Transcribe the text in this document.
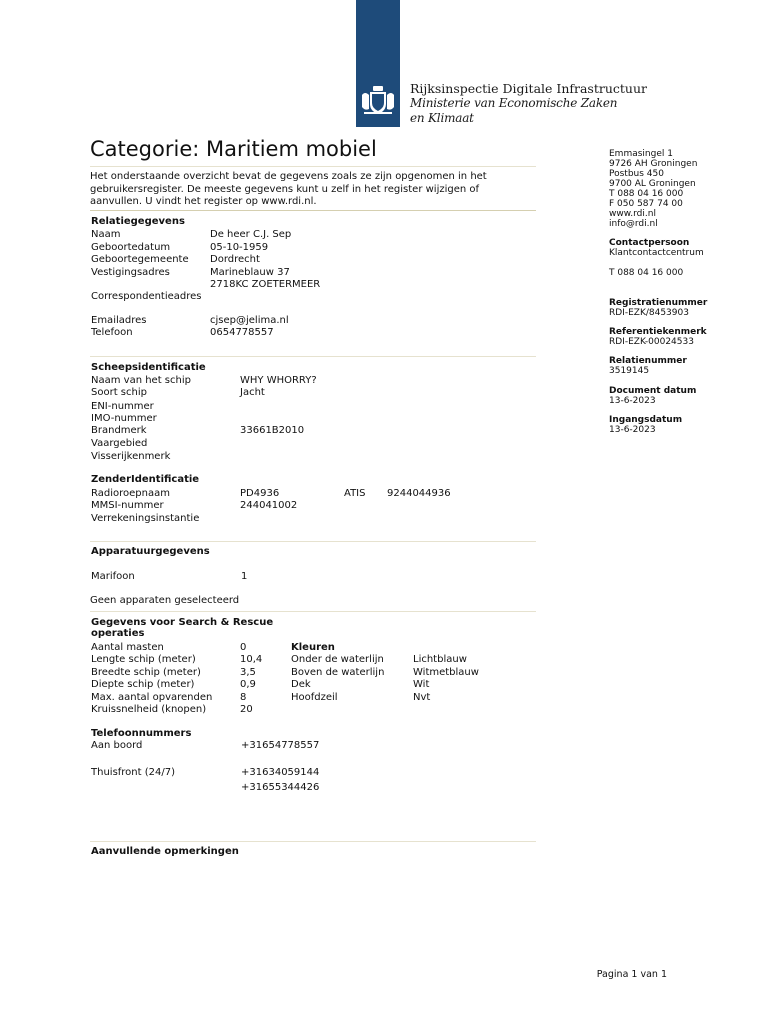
Rijksinspectie Digitale Infrastructuur
Ministerie van Economische Zaken
en Klimaat
Categorie: Maritiem mobiel
Het onderstaande overzicht bevat de gegevens zoals ze zijn opgenomen in het gebruikersregister. De meeste gegevens kunt u zelf in het register wijzigen of aanvullen. U vindt het register op www.rdi.nl.
Emmasingel 1
9726 AH Groningen
Postbus 450
9700 AL Groningen
T 088 04 16 000
F 050 587 74 00
www.rdi.nl
info@rdi.nl
Contactpersoon
Klantcontactcentrum
T 088 04 16 000
Registratienummer
RDI-EZK/8453903
Referentiekenmerk
RDI-EZK-00024533
Relatienummer
3519145
Document datum
13-6-2023
Ingangsdatum
13-6-2023
Relatiegegevens
Naam	De heer C.J. Sep
Geboortedatum	05-10-1959
Geboortegemeente Dordrecht
Vestigingsadres	Marineblauw 37
2718KC ZOETERMEER
Correspondentieadres
Emailadres	cjsep@jelima.nl
Telefoon	0654778557
Scheepsidentificatie
Naam van het schip	WHY WHORRY?
Soort schip	Jacht
ENI-nummer
IMO-nummer
Brandmerk	33661B2010
Vaargebied
Visserijkenmerk
ZenderIdentificatie
Radioroepnaam	PD4936	ATIS 9244044936
MMSI-nummer	244041002
Verrekeningsinstantie
Apparatuurgegevens
Marifoon	1
Geen apparaten geselecteerd
Gegevens voor Search & Rescue operaties
Aantal masten	0	Kleuren
Lengte schip (meter)	10,4	Onder de waterlijn	Lichtblauw
Breedte schip (meter)	3,5	Boven de waterlijn	Witmetblauw
Diepte schip (meter)	0,9	Dek	Wit
Max. aantal opvarenden	8	Hoofdzeil	Nvt
Kruissnelheid (knopen)	20
Telefoonnummers
Aan boord	+31654778557
Thuisfront (24/7)	+31634059144
+31655344426
Aanvullende opmerkingen
Pagina 1 van 1
